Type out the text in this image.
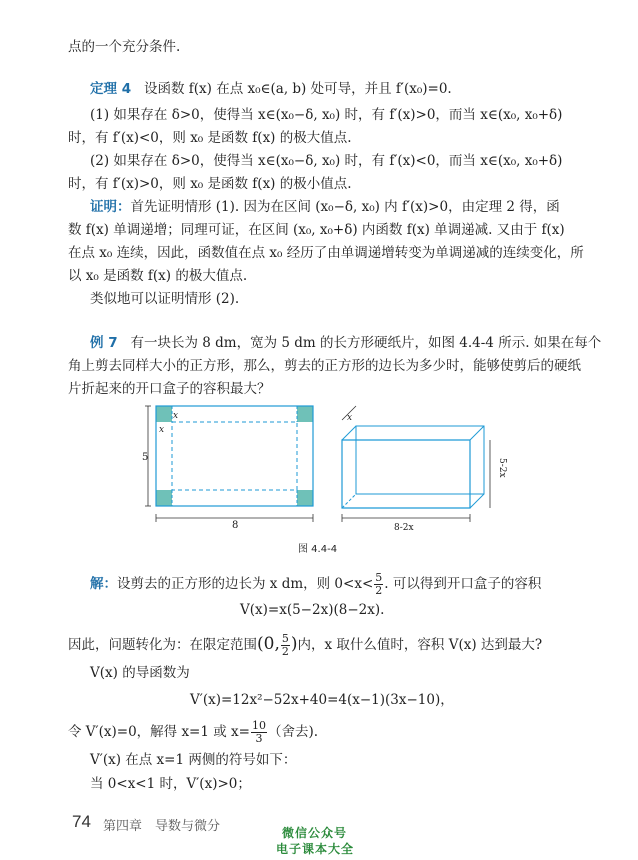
点的一个充分条件.
定理 4 设函数 f(x) 在点 x₀∈(a, b) 处可导，并且 f′(x₀)=0.
(1) 如果存在 δ>0，使得当 x∈(x₀−δ, x₀) 时，有 f′(x)>0，而当 x∈(x₀, x₀+δ)
时，有 f′(x)<0，则 x₀ 是函数 f(x) 的极大值点.
(2) 如果存在 δ>0，使得当 x∈(x₀−δ, x₀) 时，有 f′(x)<0，而当 x∈(x₀, x₀+δ)
时，有 f′(x)>0，则 x₀ 是函数 f(x) 的极小值点.
证明：首先证明情形 (1). 因为在区间 (x₀−δ, x₀) 内 f′(x)>0，由定理 2 得，函
数 f(x) 单调递增；同理可证，在区间 (x₀, x₀+δ) 内函数 f(x) 单调递减. 又由于 f(x)
在点 x₀ 连续，因此，函数值在点 x₀ 经历了由单调递增转变为单调递减的连续变化，所
以 x₀ 是函数 f(x) 的极大值点.
类似地可以证明情形 (2).
例 7 有一块长为 8 dm，宽为 5 dm 的长方形硬纸片，如图 4.4-4 所示. 如果在每个
角上剪去同样大小的正方形，那么，剪去的正方形的边长为多少时，能够使剪后的硬纸
片折起来的开口盒子的容积最大？
x
x
5
8
x
5-2x
8-2x
图 4.4-4
解：设剪去的正方形的边长为 x dm，则 $0<x< \frac{5}{2}$ . 可以得到开口盒子的容积
V(x)=x(5−2x)(8−2x).
因此，问题转化为：在限定范围(0, $\frac{5}{2}$ )内，x 取什么值时，容积 V(x) 达到最大?
V(x) 的导函数为
V′(x)=12x²−52x+40=4(x−1)(3x−10)，
令 V′(x)=0，解得 x=1 或 $x= \frac{10}{3}$ （舍去).
V′(x) 在点 x=1 两侧的符号如下：
当 0<x<1 时，V′(x)>0；
74 第四章　导数与微分	微信公众号
电子课本大全
